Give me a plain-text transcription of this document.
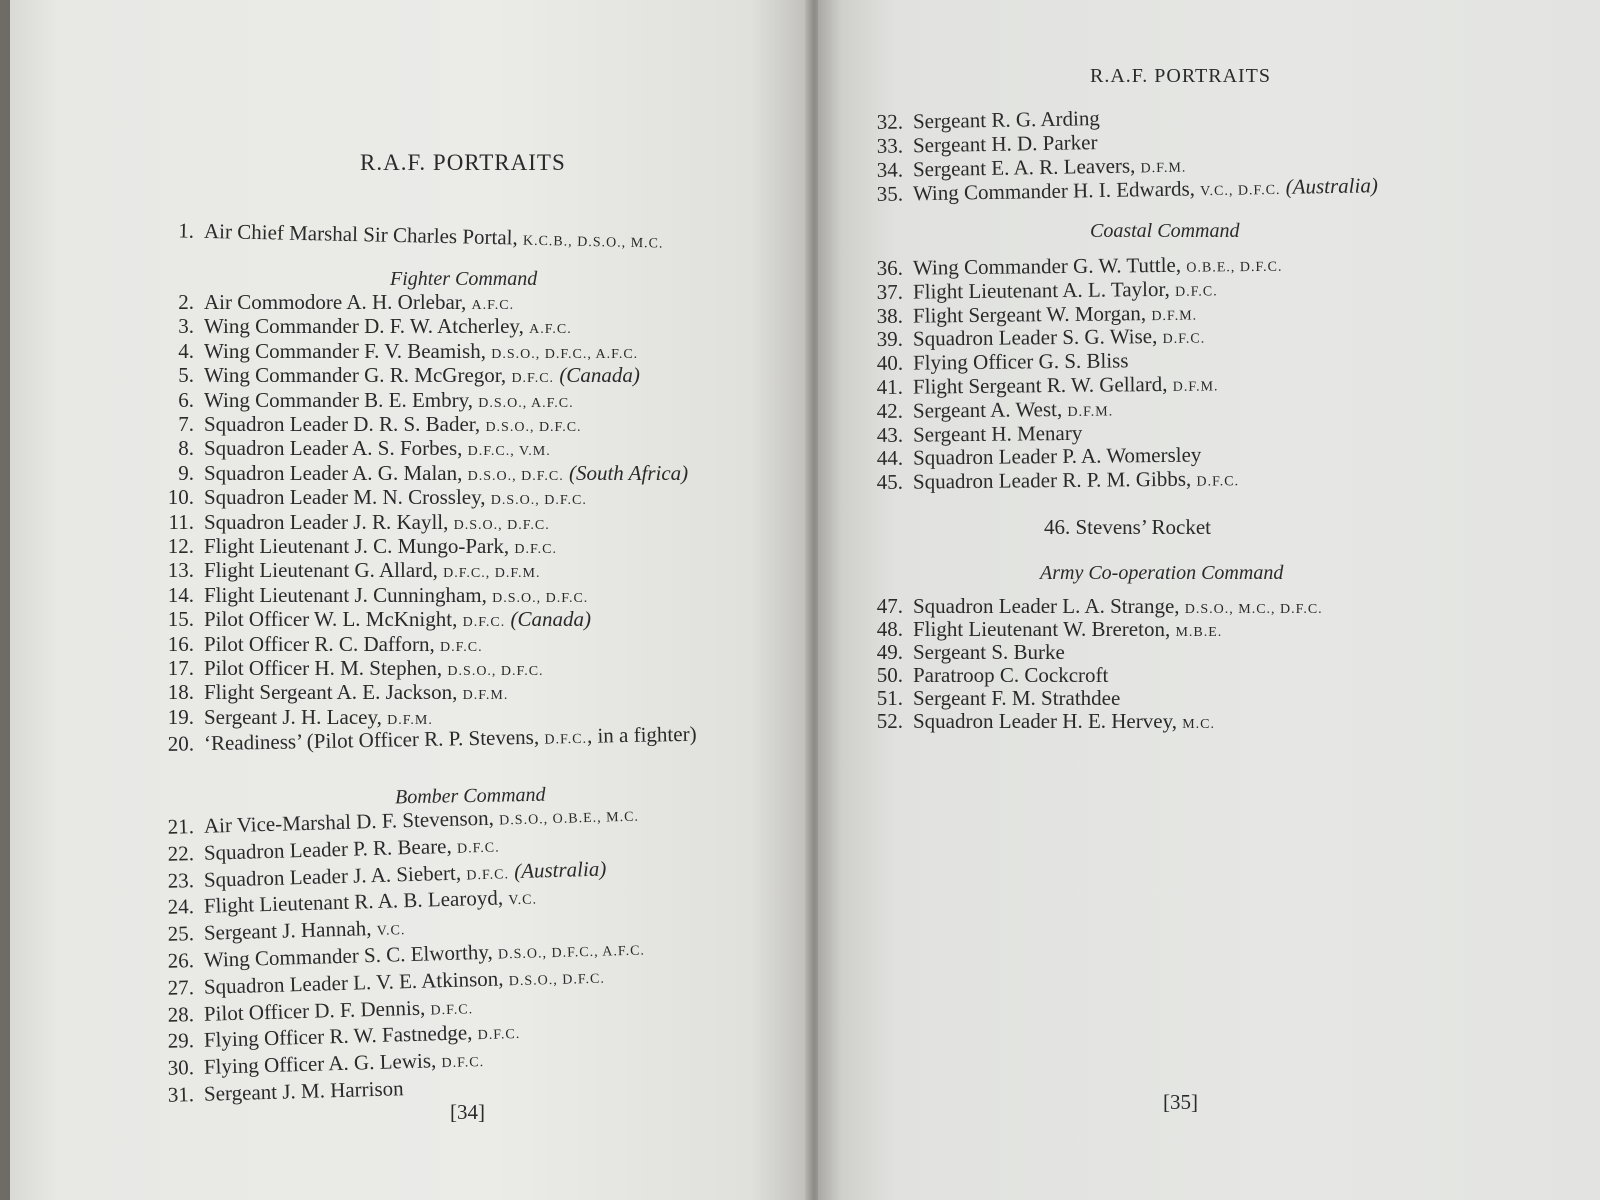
R.A.F. PORTRAITS
1. Air Chief Marshal Sir Charles Portal, K.C.B., D.S.O., M.C.
Fighter Command
2. Air Commodore A. H. Orlebar, A.F.C.
3. Wing Commander D. F. W. Atcherley, A.F.C.
4. Wing Commander F. V. Beamish, D.S.O., D.F.C., A.F.C.
5. Wing Commander G. R. McGregor, D.F.C. (Canada)
6. Wing Commander B. E. Embry, D.S.O., A.F.C.
7. Squadron Leader D. R. S. Bader, D.S.O., D.F.C.
8. Squadron Leader A. S. Forbes, D.F.C., V.M.
9. Squadron Leader A. G. Malan, D.S.O., D.F.C. (South Africa)
10. Squadron Leader M. N. Crossley, D.S.O., D.F.C.
11. Squadron Leader J. R. Kayll, D.S.O., D.F.C.
12. Flight Lieutenant J. C. Mungo-Park, D.F.C.
13. Flight Lieutenant G. Allard, D.F.C., D.F.M.
14. Flight Lieutenant J. Cunningham, D.S.O., D.F.C.
15. Pilot Officer W. L. McKnight, D.F.C. (Canada)
16. Pilot Officer R. C. Dafforn, D.F.C.
17. Pilot Officer H. M. Stephen, D.S.O., D.F.C.
18. Flight Sergeant A. E. Jackson, D.F.M.
19. Sergeant J. H. Lacey, D.F.M.
20. ‘Readiness’ (Pilot Officer R. P. Stevens, D.F.C., in a fighter)
Bomber Command
21. Air Vice-Marshal D. F. Stevenson, D.S.O., O.B.E., M.C.
22. Squadron Leader P. R. Beare, D.F.C.
23. Squadron Leader J. A. Siebert, D.F.C. (Australia)
24. Flight Lieutenant R. A. B. Learoyd, V.C.
25. Sergeant J. Hannah, V.C.
26. Wing Commander S. C. Elworthy, D.S.O., D.F.C., A.F.C.
27. Squadron Leader L. V. E. Atkinson, D.S.O., D.F.C.
28. Pilot Officer D. F. Dennis, D.F.C.
29. Flying Officer R. W. Fastnedge, D.F.C.
30. Flying Officer A. G. Lewis, D.F.C.
31. Sergeant J. M. Harrison
[34]
R.A.F. PORTRAITS
32. Sergeant R. G. Arding
33. Sergeant H. D. Parker
34. Sergeant E. A. R. Leavers, D.F.M.
35. Wing Commander H. I. Edwards, V.C., D.F.C. (Australia)
Coastal Command
36. Wing Commander G. W. Tuttle, O.B.E., D.F.C.
37. Flight Lieutenant A. L. Taylor, D.F.C.
38. Flight Sergeant W. Morgan, D.F.M.
39. Squadron Leader S. G. Wise, D.F.C.
40. Flying Officer G. S. Bliss
41. Flight Sergeant R. W. Gellard, D.F.M.
42. Sergeant A. West, D.F.M.
43. Sergeant H. Menary
44. Squadron Leader P. A. Womersley
45. Squadron Leader R. P. M. Gibbs, D.F.C.
46. Stevens’ Rocket
Army Co-operation Command
47. Squadron Leader L. A. Strange, D.S.O., M.C., D.F.C.
48. Flight Lieutenant W. Brereton, M.B.E.
49. Sergeant S. Burke
50. Paratroop C. Cockcroft
51. Sergeant F. M. Strathdee
52. Squadron Leader H. E. Hervey, M.C.
[35]
